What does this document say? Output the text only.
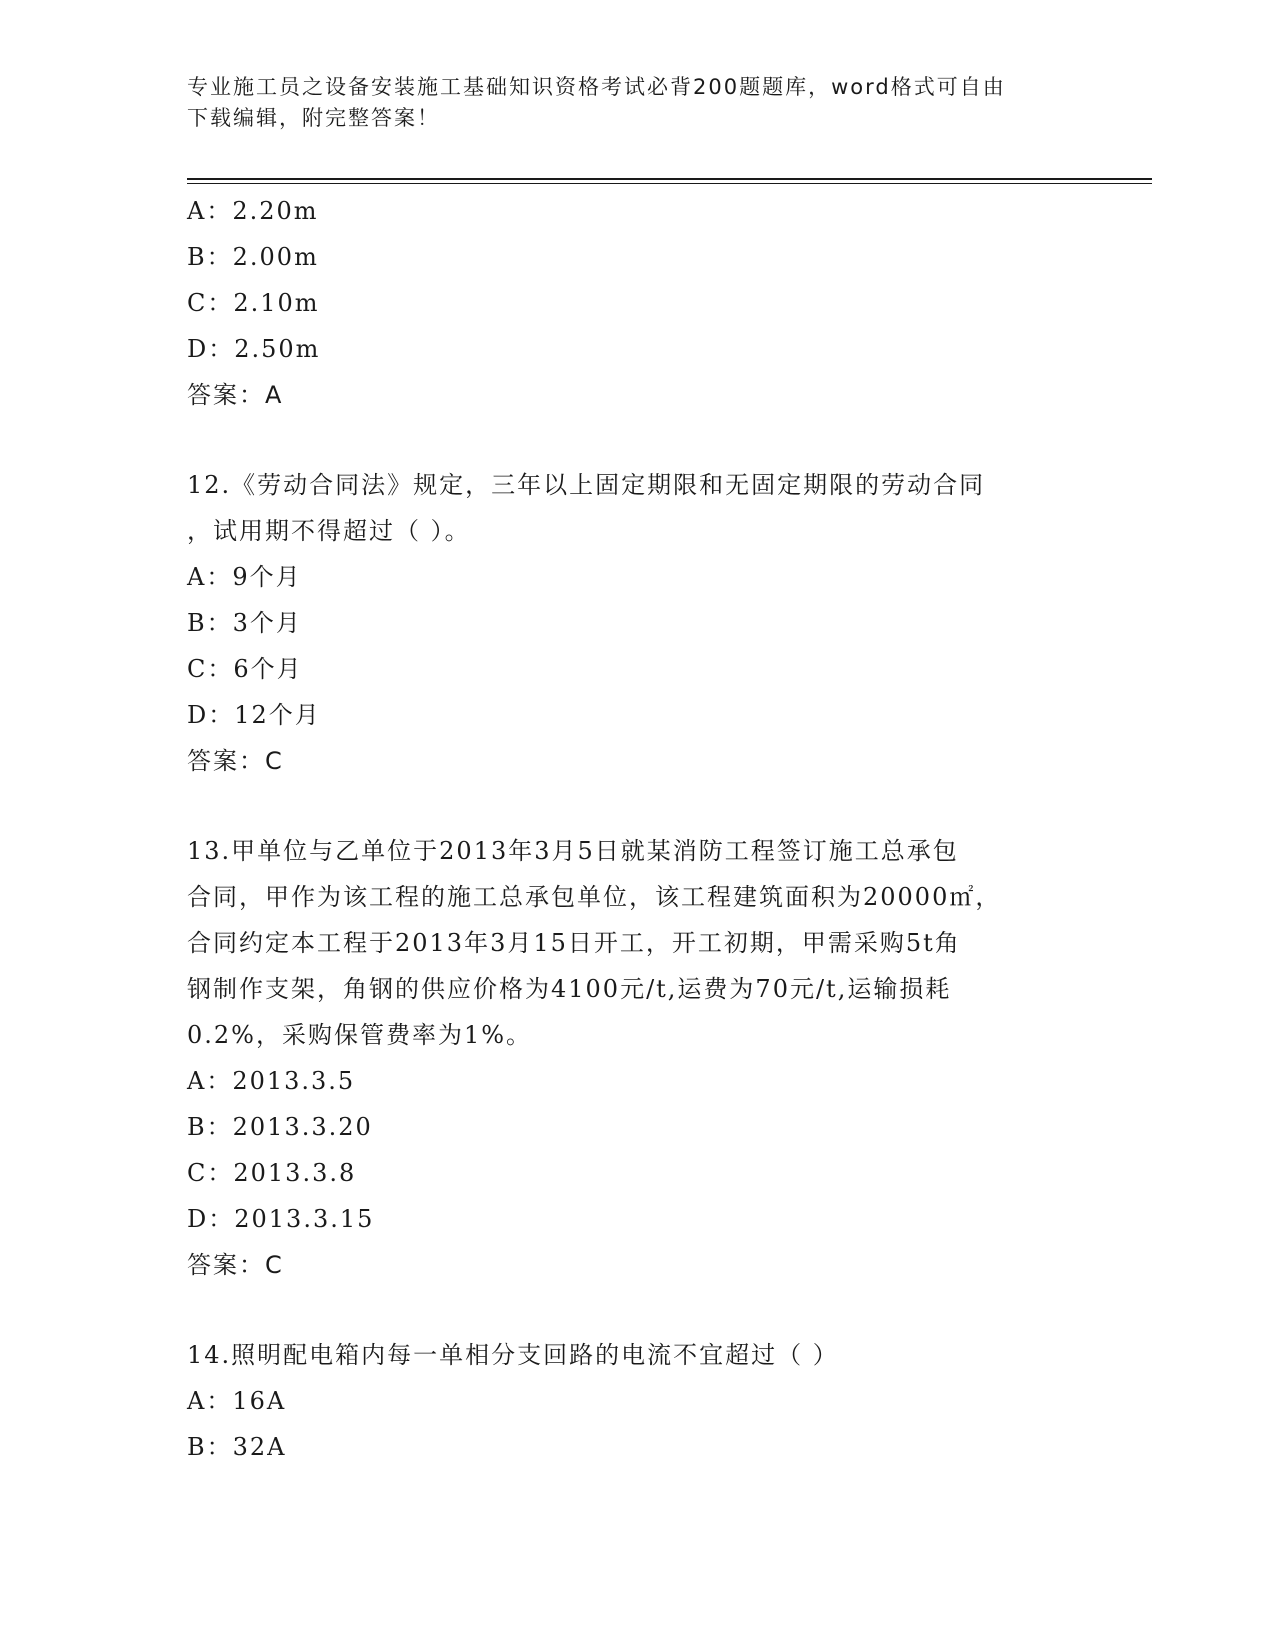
专业施工员之设备安装施工基础知识资格考试必背200题题库，word格式可自由
下载编辑，附完整答案！
A：2.20m
B：2.00m
C：2.10m
D：2.50m
答案：A
12.《劳动合同法》规定，三年以上固定期限和无固定期限的劳动合同
，试用期不得超过（ ）。
A：9个月
B：3个月
C：6个月
D：12个月
答案：C
13.甲单位与乙单位于2013年3月5日就某消防工程签订施工总承包
合同，甲作为该工程的施工总承包单位，该工程建筑面积为20000㎡，
合同约定本工程于2013年3月15日开工，开工初期，甲需采购5t角
钢制作支架，角钢的供应价格为4100元/t,运费为70元/t,运输损耗
0.2%，采购保管费率为1%。
A：2013.3.5
B：2013.3.20
C：2013.3.8
D：2013.3.15
答案：C
14.照明配电箱内每一单相分支回路的电流不宜超过（ ）
A：16A
B：32A
